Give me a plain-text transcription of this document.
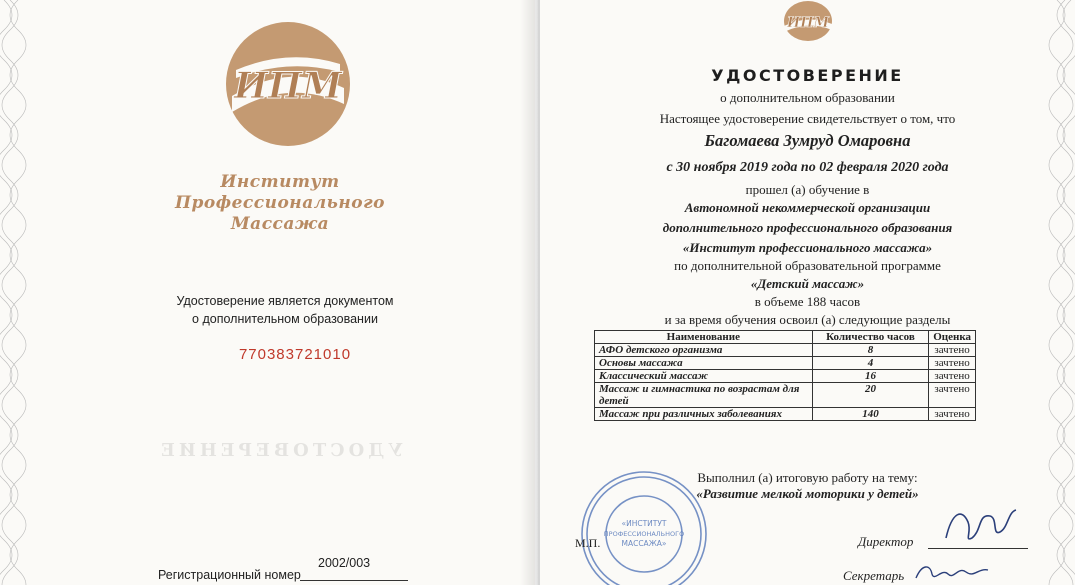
ИПМ
Институт
Профессионального
Массажа
Удостоверение является документом
о дополнительном образовании
770383721010
УДОСТОВЕРЕНИЕ
Регистрационный номер
2002/003
ИПМ
УДОСТОВЕРЕНИЕ
о дополнительном образовании
Настоящее удостоверение свидетельствует о том, что
Багомаева Зумруд Омаровна
с 30 ноября 2019 года по 02 февраля 2020 года
прошел (а) обучение в
Автономной некоммерческой организации
дополнительного профессионального образования
«Институт профессионального массажа»
по дополнительной образовательной программе
«Детский массаж»
в объеме 188 часов
и за время обучения освоил (а) следующие разделы
Наименование	Количество часов	Оценка
АФО детского организма	8	зачтено
Основы массажа	4	зачтено
Классический массаж	16	зачтено
Массаж и гимнастика по возрастам для детей	20	зачтено
Массаж при различных заболеваниях	140	зачтено
Выполнил (а) итоговую работу на тему:
«Развитие мелкой моторики у детей»
«ИНСТИТУТ
ПРОФЕССИОНАЛЬНОГО
МАССАЖА»
М.П.	Директор
Секретарь
